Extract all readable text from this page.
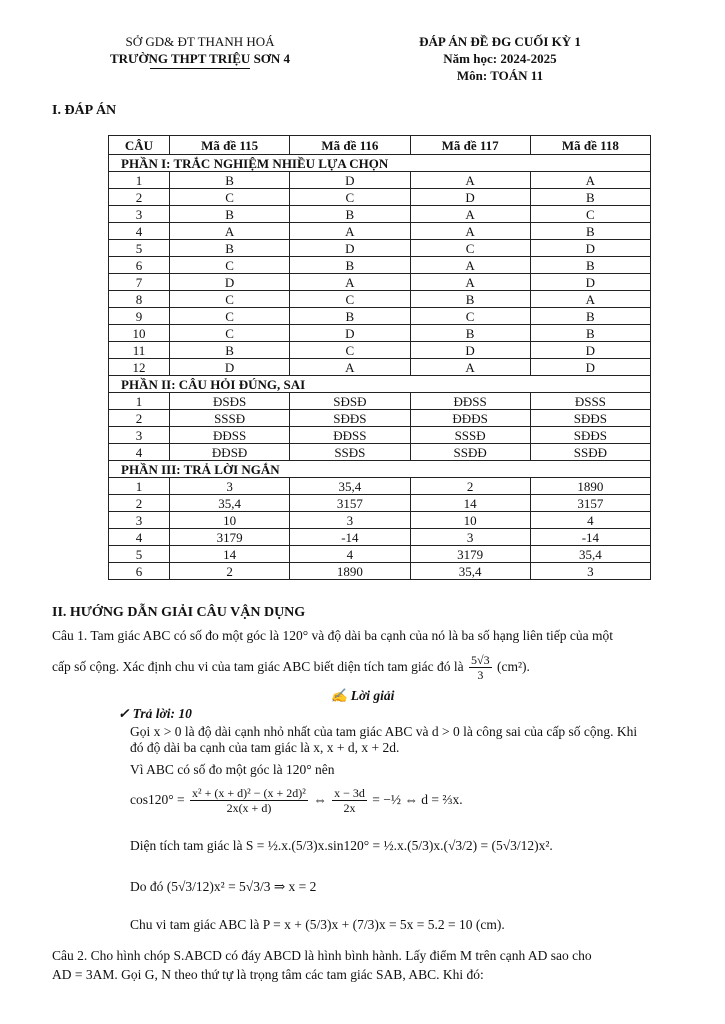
SỞ GD& ĐT THANH HOÁ
TRƯỜNG THPT TRIỆU SƠN 4
ĐÁP ÁN ĐỀ ĐG CUỐI KỲ 1
Năm học: 2024-2025
Môn: TOÁN 11
I. ĐÁP ÁN
CÂU	Mã đề 115	Mã đề 116	Mã đề 117	Mã đề 118
PHẦN I: TRẮC NGHIỆM NHIỀU LỰA CHỌN				
1	B	D	A	A
2	C	C	D	B
3	B	B	A	C
4	A	A	A	B
5	B	D	C	D
6	C	B	A	B
7	D	A	A	D
8	C	C	B	A
9	C	B	C	B
10	C	D	B	B
11	B	C	D	D
12	D	A	A	D
PHẦN II: CÂU HỎI ĐÚNG, SAI				
1	ĐSĐS	SĐSĐ	ĐĐSS	ĐSSS
2	SSSĐ	SĐĐS	ĐĐĐS	SĐĐS
3	ĐĐSS	ĐĐSS	SSSĐ	SĐĐS
4	ĐĐSĐ	SSĐS	SSĐĐ	SSĐĐ
PHẦN III: TRẢ LỜI NGẮN				
1	3	35,4	2	1890
2	35,4	3157	14	3157
3	10	3	10	4
4	3179	-14	3	-14
5	14	4	3179	35,4
6	2	1890	35,4	3
II. HƯỚNG DẪN GIẢI CÂU VẬN DỤNG
Câu 1. Tam giác ABC có số đo một góc là 120° và độ dài ba cạnh của nó là ba số hạng liên tiếp của một
cấp số cộng. Xác định chu vi của tam giác ABC biết diện tích tam giác đó là $\frac{5√3}{3} (cm^2)$.
✍ Lời giải
✓ Trả lời: 10
Gọi x > 0 là độ dài cạnh nhỏ nhất của tam giác ABC và d > 0 là công sai của cấp số cộng. Khi
đó độ dài ba cạnh của tam giác là x, x + d, x + 2d.
Vì ABC có số đo một góc là 120° nên
$\cos 120^\circ = \frac{\text{x² + (x + d)² − (x + 2d)²}}{2x(x + d)}$ ⇔ $\frac{x - 3d}{2x}$ = −½ ⇔ d = ⅔x.
Diện tích tam giác là S = ½.x.(5/3)x.sin120° = ½.x.(5/3)x.(√3/2) = (5√3/12)x².
Do đó (5√3/12)x² = 5√3/3 ⇒ x = 2
Chu vi tam giác ABC là P = x + (5/3)x + (7/3)x = 5x = 5.2 = 10 (cm).
Câu 2. Cho hình chóp S.ABCD có đáy ABCD là hình bình hành. Lấy điểm M trên cạnh AD sao cho
AD = 3AM. Gọi G, N theo thứ tự là trọng tâm các tam giác SAB, ABC. Khi đó:
